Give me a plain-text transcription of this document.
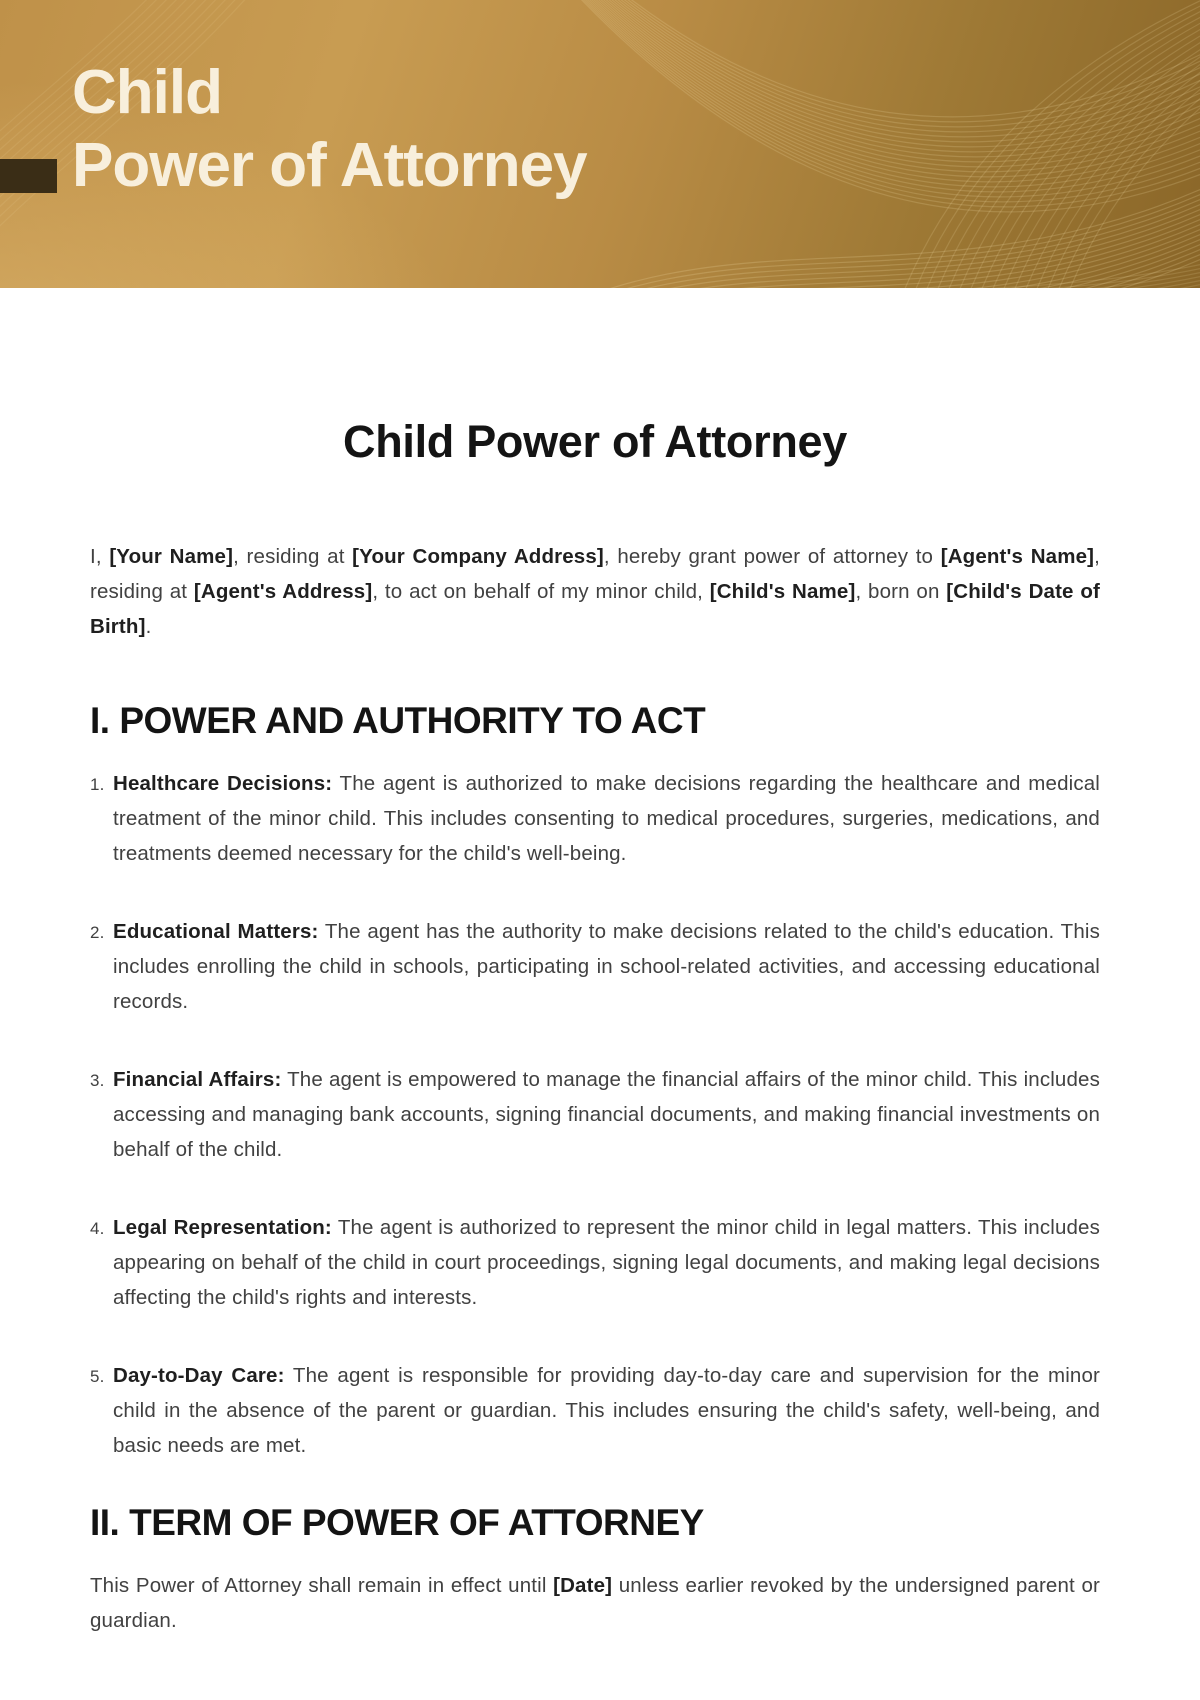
Child
Power of Attorney
Child Power of Attorney

I, [Your Name], residing at [Your Company Address], hereby grant power of attorney to [Agent's Name], residing at [Agent's Address], to act on behalf of my minor child, [Child's Name], born on [Child's Date of Birth].

I. POWER AND AUTHORITY TO ACT
1. Healthcare Decisions: The agent is authorized to make decisions regarding the healthcare and medical treatment of the minor child. This includes consenting to medical procedures, surgeries, medications, and treatments deemed necessary for the child's well-being.
2. Educational Matters: The agent has the authority to make decisions related to the child's education. This includes enrolling the child in schools, participating in school-related activities, and accessing educational records.
3. Financial Affairs: The agent is empowered to manage the financial affairs of the minor child. This includes accessing and managing bank accounts, signing financial documents, and making financial investments on behalf of the child.
4. Legal Representation: The agent is authorized to represent the minor child in legal matters. This includes appearing on behalf of the child in court proceedings, signing legal documents, and making legal decisions affecting the child's rights and interests.
5. Day-to-Day Care: The agent is responsible for providing day-to-day care and supervision for the minor child in the absence of the parent or guardian. This includes ensuring the child's safety, well-being, and basic needs are met.
II. TERM OF POWER OF ATTORNEY

This Power of Attorney shall remain in effect until [Date] unless earlier revoked by the undersigned parent or guardian.
